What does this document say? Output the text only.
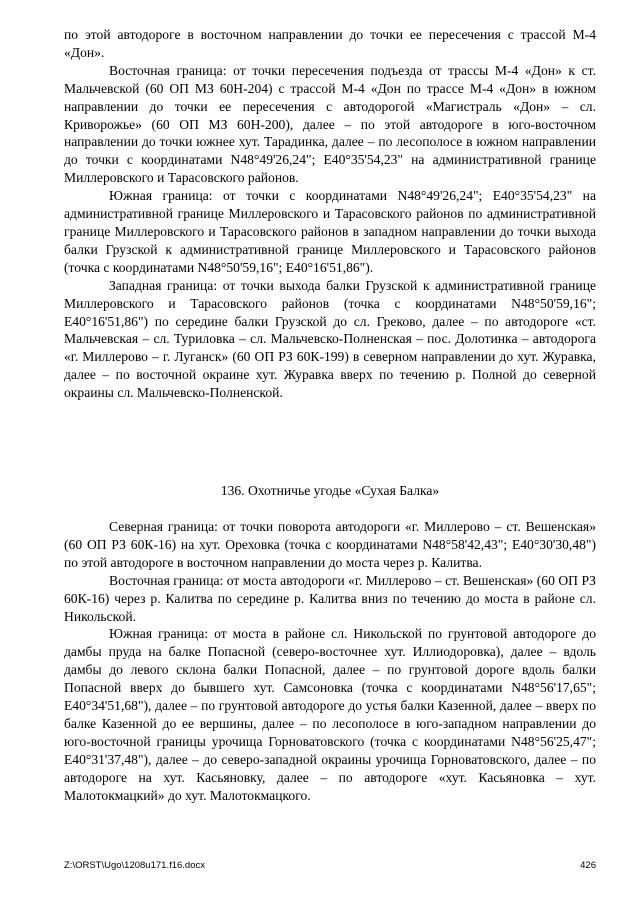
по этой автодороге в восточном направлении до точки ее пересечения с трассой М-4 «Дон».

Восточная граница: от точки пересечения подъезда от трассы М-4 «Дон» к ст. Мальчевской (60 ОП МЗ 60Н-204) с трассой М-4 «Дон по трассе М-4 «Дон» в южном направлении до точки ее пересечения с автодорогой «Магистраль «Дон» – сл. Криворожье» (60 ОП МЗ 60Н-200), далее – по этой автодороге в юго-восточном направлении до точки южнее хут. Тарадинка, далее – по лесополосе в южном направлении до точки с координатами N48°49'26,24"; E40°35'54,23" на административной границе Миллеровского и Тарасовского районов.

Южная граница: от точки с координатами N48°49'26,24"; E40°35'54,23" на административной границе Миллеровского и Тарасовского районов по административной границе Миллеровского и Тарасовского районов в западном направлении до точки выхода балки Грузской к административной границе Миллеровского и Тарасовского районов (точка с координатами N48°50'59,16"; E40°16'51,86").

Западная граница: от точки выхода балки Грузской к административной границе Миллеровского и Тарасовского районов (точка с координатами N48°50'59,16"; E40°16'51,86") по середине балки Грузской до сл. Греково, далее – по автодороге «ст. Мальчевская – сл. Туриловка – сл. Мальчевско-Полненская – пос. Долотинка – автодорога «г. Миллерово – г. Луганск» (60 ОП РЗ 60К-199) в северном направлении до хут. Журавка, далее – по восточной окраине хут. Журавка вверх по течению р. Полной до северной окраины сл. Мальчевско-Полненской.

136. Охотничье угодье «Сухая Балка»

Северная граница: от точки поворота автодороги «г. Миллерово – ст. Вешенская» (60 ОП РЗ 60К-16) на хут. Ореховка (точка с координатами N48°58'42,43"; E40°30'30,48") по этой автодороге в восточном направлении до моста через р. Калитва.

Восточная граница: от моста автодороги «г. Миллерово – ст. Вешенская» (60 ОП РЗ 60К-16) через р. Калитва по середине р. Калитва вниз по течению до моста в районе сл. Никольской.

Южная граница: от моста в районе сл. Никольской по грунтовой автодороге до дамбы пруда на балке Попасной (северо-восточнее хут. Иллиодоровка), далее – вдоль дамбы до левого склона балки Попасной, далее – по грунтовой дороге вдоль балки Попасной вверх до бывшего хут. Самсоновка (точка с координатами N48°56'17,65"; E40°34'51,68"), далее – по грунтовой автодороге до устья балки Казенной, далее – вверх по балке Казенной до ее вершины, далее – по лесополосе в юго-западном направлении до юго-восточной границы урочища Горноватовского (точка с координатами N48°56'25,47"; E40°31'37,48"), далее – до северо-западной окраины урочища Горноватовского, далее – по автодороге на хут. Касьяновку, далее – по автодороге «хут. Касьяновка – хут. Малотокмацкий» до хут. Малотокмацкого.

Z:\ORST\Ugo\1208u171.f16.docx	426
